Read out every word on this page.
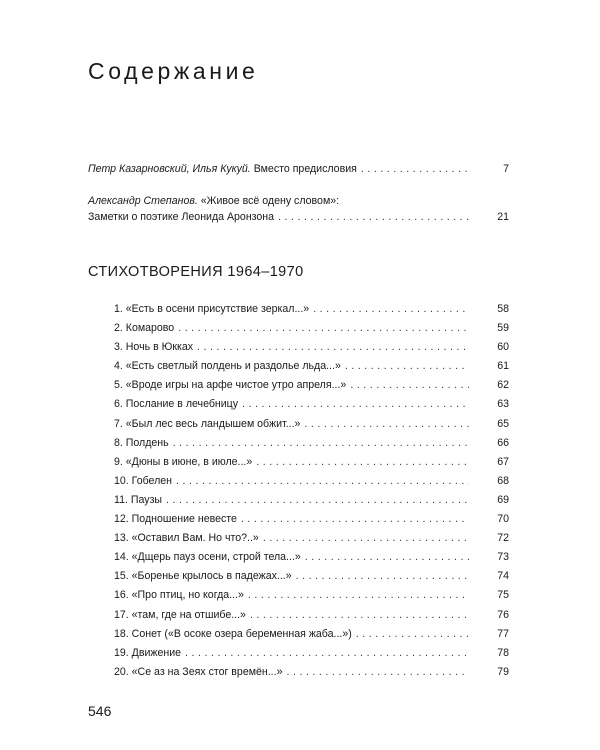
Содержание
Петр Казарновский, Илья Кукуй. Вместо предисловия . . .	7
Александр Степанов. «Живое всё одену словом»:
Заметки о поэтике Леонида Аронзона . . .	21
СТИХОТВОРЕНИЯ 1964–1970
1. «Есть в осени присутствие зеркал...» . . .	58
2. Комарово . . .	59
3. Ночь в Юкках . . .	60
4. «Есть светлый полдень и раздолье льда...» . . .	61
5. «Вроде игры на арфе чистое утро апреля...» . . .	62
6. Послание в лечебницу . . .	63
7. «Был лес весь ландышем обжит...» . . .	65
8. Полдень . . .	66
9. «Дюны в июне, в июле...» . . .	67
10. Гобелен . . .	68
11. Паузы . . .	69
12. Подношение невесте . . .	70
13. «Оставил Вам. Но что?..» . . .	72
14. «Дщерь пауз осени, строй тела...» . . .	73
15. «Боренье крылось в падежах...» . . .	74
16. «Про птиц, но когда...» . . .	75
17. «там, где на отшибе...» . . .	76
18. Сонет («В осоке озера беременная жаба...») . . .	77
19. Движение . . .	78
20. «Се аз на Зеях стог времён...» . . .	79
546
